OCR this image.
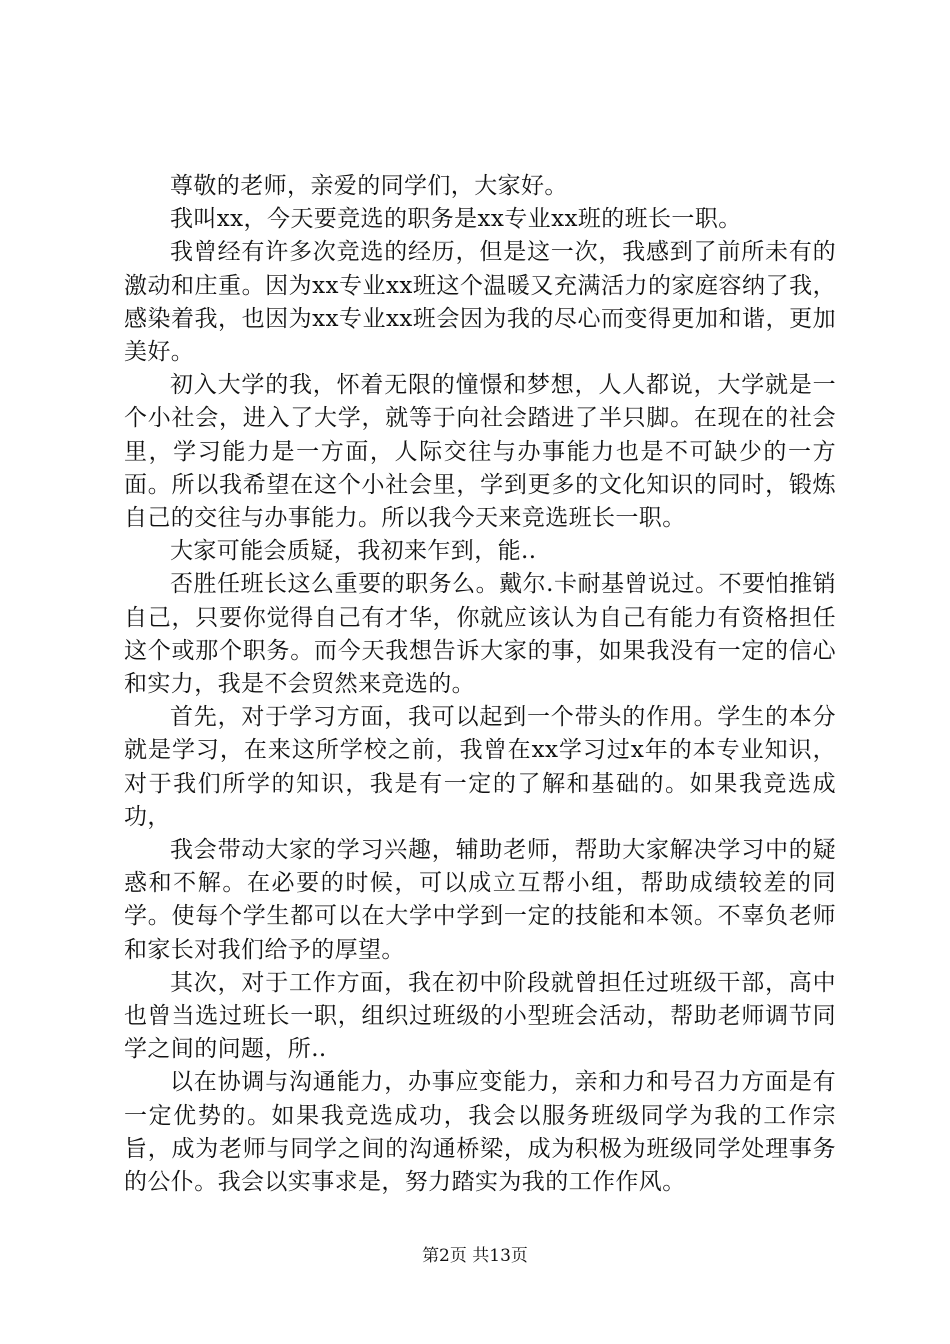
尊敬的老师，亲爱的同学们，大家好。

我叫xx，今天要竞选的职务是xx专业xx班的班长一职。

我曾经有许多次竞选的经历，但是这一次，我感到了前所未有的激动和庄重。因为xx专业xx班这个温暖又充满活力的家庭容纳了我，感染着我，也因为xx专业xx班会因为我的尽心而变得更加和谐，更加美好。

初入大学的我，怀着无限的憧憬和梦想，人人都说，大学就是一个小社会，进入了大学，就等于向社会踏进了半只脚。在现在的社会里，学习能力是一方面，人际交往与办事能力也是不可缺少的一方面。所以我希望在这个小社会里，学到更多的文化知识的同时，锻炼自己的交往与办事能力。所以我今天来竞选班长一职。

大家可能会质疑，我初来乍到，能..

否胜任班长这么重要的职务么。戴尔.卡耐基曾说过。不要怕推销自己，只要你觉得自己有才华，你就应该认为自己有能力有资格担任这个或那个职务。而今天我想告诉大家的事，如果我没有一定的信心和实力，我是不会贸然来竞选的。

首先，对于学习方面，我可以起到一个带头的作用。学生的本分就是学习，在来这所学校之前，我曾在xx学习过x年的本专业知识，对于我们所学的知识，我是有一定的了解和基础的。如果我竞选成功，

我会带动大家的学习兴趣，辅助老师，帮助大家解决学习中的疑惑和不解。在必要的时候，可以成立互帮小组，帮助成绩较差的同学。使每个学生都可以在大学中学到一定的技能和本领。不辜负老师和家长对我们给予的厚望。

其次，对于工作方面，我在初中阶段就曾担任过班级干部，高中也曾当选过班长一职，组织过班级的小型班会活动，帮助老师调节同学之间的问题，所..

以在协调与沟通能力，办事应变能力，亲和力和号召力方面是有一定优势的。如果我竞选成功，我会以服务班级同学为我的工作宗旨，成为老师与同学之间的沟通桥梁，成为积极为班级同学处理事务的公仆。我会以实事求是，努力踏实为我的工作作风。

第2页 共13页
